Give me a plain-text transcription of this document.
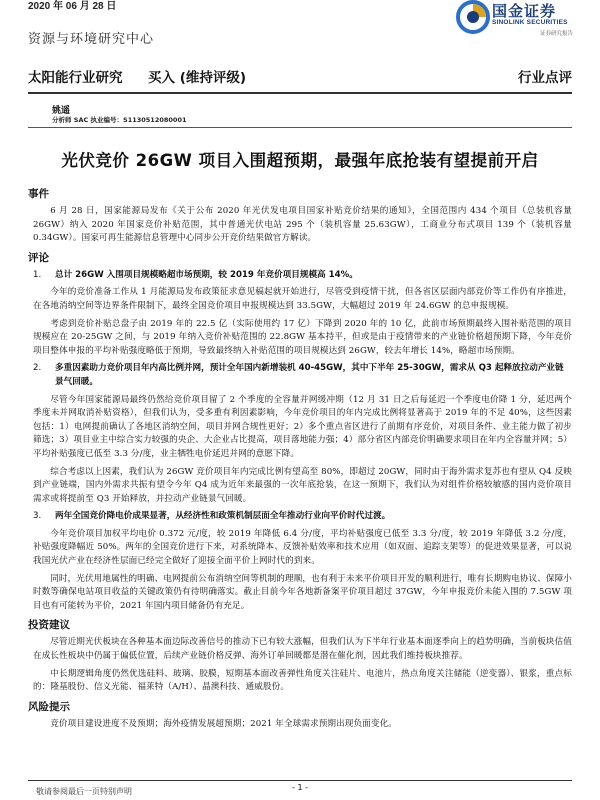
2020 年 06 月 28 日
资源与环境研究中心
国金证券
SINOLINK SECURITIES
证券研究报告
太阳能行业研究 买入 (维持评级)	行业点评
姚遥
分析师 SAC 执业编号：S1130512080001
光伏竞价 26GW 项目入围超预期，最强年底抢装有望提前开启
事件

6 月 28 日，国家能源局发布《关于公布 2020 年光伏发电项目国家补贴竞价结果的通知》，全国范围内 434 个项目（总装机容量 26GW）纳入 2020 年国家竞价补贴范围，其中普通光伏电站 295 个（装机容量 25.63GW），工商业分布式项目 139 个（装机容量 0.34GW）。国家可再生能源信息管理中心同步公开竞价结果做官方解读。

评论
1.	总计 26GW 入围项目规模略超市场预期，较 2019 年竞价项目规模高 14%。

今年的竞价准备工作从 1 月能源局发布政策征求意见稿起就开始进行，尽管受到疫情干扰，但各省区层面内部竞价等工作仍有序推进，在各地消纳空间等边界条件限制下，最终全国竞价项目申报规模达到 33.5GW，大幅超过 2019 年 24.6GW 的总申报规模。

考虑到竞价补贴总盘子由 2019 年的 22.5 亿（实际使用约 17 亿）下降到 2020 年的 10 亿，此前市场预期最终入围补贴范围的项目规模应在 20-25GW 之间，与 2019 年纳入竞价补贴范围的 22.8GW 基本持平，但或是由于疫情带来的产业链价格超预期下降，今年竞价项目整体申报的平均补贴强度略低于预期，导致最终纳入补贴范围的项目规模达到 26GW，较去年增长 14%，略超市场预期。

2.	多重因素助力竞价项目年内高比例并网，预计全年国内新增装机 40-45GW，其中下半年 25-30GW，需求从 Q3 起释放拉动产业链景气回暖。

尽管今年国家能源局最终仍然给竞价项目留了 2 个季度的全容量并网缓冲期（12 月 31 日之后每延迟一个季度电价降 1 分，延迟两个季度未并网取消补贴资格），但我们认为，受多重有利因素影响，今年竞价项目的年内完成比例将显著高于 2019 年的不足 40%，这些因素包括：1）电网提前确认了各地区消纳空间，项目并网合规性更好；2）多个重点省区进行了前期有序竞价，对项目条件、业主能力做了初步筛选；3）项目业主中综合实力较强的央企、大企业占比提高，项目落地能力强；4）部分省区内部竞价明确要求项目在年内全容量并网；5）平均补贴强度已低至 3.3 分/度，业主牺牲电价延迟并网的意愿下降。

综合考虑以上因素，我们认为 26GW 竞价项目年内完成比例有望高至 80%，即超过 20GW，同时由于海外需求复苏也有望从 Q4 反映到产业链端，国内外需求共振有望令今年 Q4 成为近年来最强的一次年底抢装，在这一预期下，我们认为对组件价格较敏感的国内竞价项目需求或将提前至 Q3 开始释放，并拉动产业链景气回暖。

3.	两年全国竞价降电价成果显著，从经济性和政策机制层面全年推动行业向平价时代过渡。

今年竞价项目加权平均电价 0.372 元/度，较 2019 年降低 6.4 分/度，平均补贴强度已低至 3.3 分/度，较 2019 年降低 3.2 分/度，补贴强度降幅近 50%。两年的全国竞价进行下来，对系统降本、反馈补贴效率和技术应用（如双面、追踪支架等）的促进效果显著，可以说我国光伏产业在经济性层面已经完全做好了迎接全面平价上网时代的到来。

同时，光伏用地属性的明确、电网提前公布消纳空间等机制的理顺，也有利于未来平价项目开发的顺利进行，唯有长期购电协议、保障小时数等确保电站项目收益的关键政策仍有待明确落实。截止目前今年各地新备案平价项目超过 37GW，今年申报竞价未能入围的 7.5GW 项目也有可能转为平价，2021 年国内项目储备仍有充足。

投资建议

尽管近期光伏板块在各种基本面边际改善信号的推动下已有较大涨幅，但我们认为下半年行业基本面逐季向上的趋势明确，当前板块估值在成长性板块中仍属于偏低位置，后续产业链价格反弹、海外订单回暖都是潜在催化剂，因此我们维持板块推荐。

中长期逻辑角度仍然优选硅料、玻璃、胶膜，短期基本面改善弹性角度关注硅片、电池片，热点角度关注储能（逆变器）、银浆，重点标的：隆基股份、信义光能、福莱特（A/H）、晶澳科技、通威股份。

风险提示

竞价项目建设进度不及预期；海外疫情发展超预期；2021 年全球需求预期出现负面变化。

敬请参阅最后一页特别声明	- 1 -
